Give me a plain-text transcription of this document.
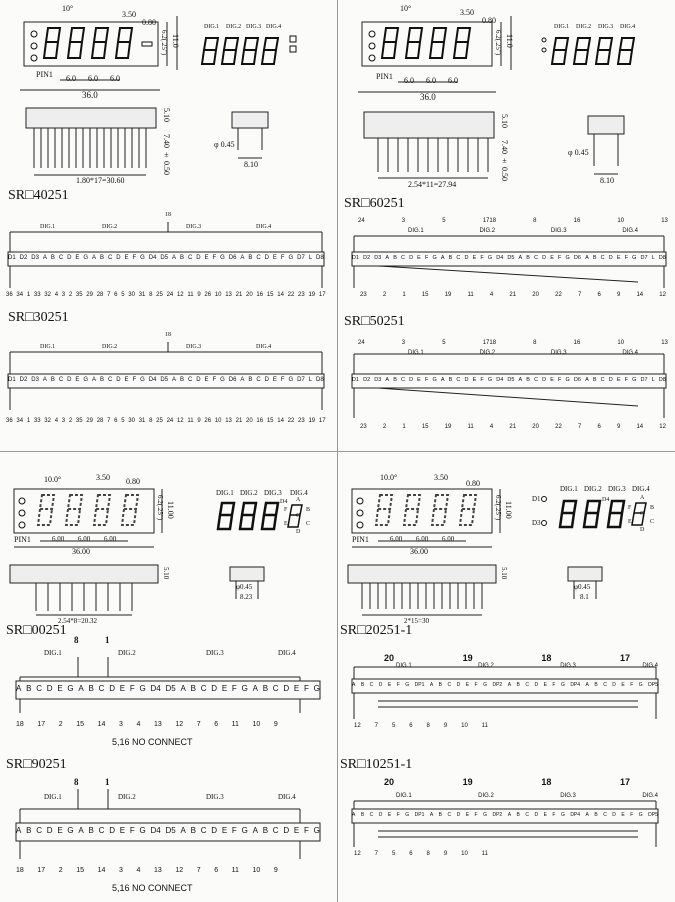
10°
3.50
0.80
6.2(.25") 11.0
PIN1 6.0 6.0 6.0
36.0
DIG.1 DIG.2 DIG.3 DIG.4
5.10
7.40 ± 0.50
1.80*17=30.60
φ 0.45
8.10
SR□40251
18
DIG.1	DIG.2	DIG.3	DIG.4
D1 D2 D3 A B C D E G A B C D E F G D4 D5 A B C D E F G D6 A B C D E F G D7 L D8
36 34 1 33 32 4 3 2 35 29 28 7 6 5 30 31 8 25 24 12 11 9 26 10 13 21 20 16 15 14 22 23 19 17
SR□30251
18
DIG.1	DIG.2	DIG.3	DIG.4
D1 D2 D3 A B C D E G A B C D E F G D4 D5 A B C D E F G D6 A B C D E F G D7 L D8
36 34 1 33 32 4 3 2 35 29 28 7 6 5 30 31 8 25 24 12 11 9 26 10 13 21 20 16 15 14 22 23 19 17
10°	3.50
0.80
6.2(.25") 11.0
PIN1 6.0 6.0 6.0
36.0
DIG.1 DIG.2 DIG.3 DIG.4
5.10
7.40 ± 0.50
2.54*11=27.94
φ 0.45
8.10
SR□60251
24	3	5	1718	8	16	10	13
DIG.1	DIG.2	DIG.3	DIG.4
D1 D2 D3 A B C D E F G A B C D E F G D4 D5 A B C D E F G D6 A B C D E F G D7 L D8
23	2	1	15	19	11	4	21	20	22	7	6	9	14	12
SR□50251
24	3	5	1718	8	16	10	13
DIG.1	DIG.2	DIG.3	DIG.4
D1 D2 D3 A B C D E F G A B C D E F G D4 D5 A B C D E F G D6 A B C D E F G D7 L D8
23	2	1	15	19	11	4	21	20	22	7	6	9	14	12
10.0°	3.50 0.80
6.2(.25") 11.00
PIN1	6.00 6.00 6.00
36.00
DIG.1 DIG.2 DIG.3 DIG.4
A
F	B
G
E	C
D
D4
5.10
2.54*8=20.32
φ0.45
8.23
SR□00251
8	1
DIG.1	DIG.2	DIG.3	DIG.4
A B C D E G A B C D E F G D4 D5 A B C D E F G A B C D E F G
18 17 2 15 14 3 4 13 12 7 6 11 10 9
5,16 NO CONNECT
SR□90251
8	1
DIG.1	DIG.2	DIG.3	DIG.4
A B C D E G A B C D E F G D4 D5 A B C D E F G A B C D E F G
18 17 2 15 14 3 4 13 12 7 6 11 10 9
5,16 NO CONNECT
10.0°	3.50
0.80
6.2(.25") 11.00
PIN1	6.00 6.00 6.00
36.00
D1
D3
DIG.1 DIG.2 DIG.3 DIG.4
A
F	B
G
E	C
D
D4
5.10
2*15=30
φ0.45
8.1
SR□20251-1
20	19	18	17
DIG.1	DIG.2	DIG.3	DIG.4
A B C D E F G DP1 A B C D E F G DP2 A B C D E F G DP4 A B C D E F G DP5
12 7 5 6 8 9 10 11
SR□10251-1
20	19	18	17
DIG.1	DIG.2	DIG.3	DIG.4
A B C D E F G DP1 A B C D E F G DP2 A B C D E F G DP4 A B C D E F G DP5
12 7 5 6 8 9 10 11
